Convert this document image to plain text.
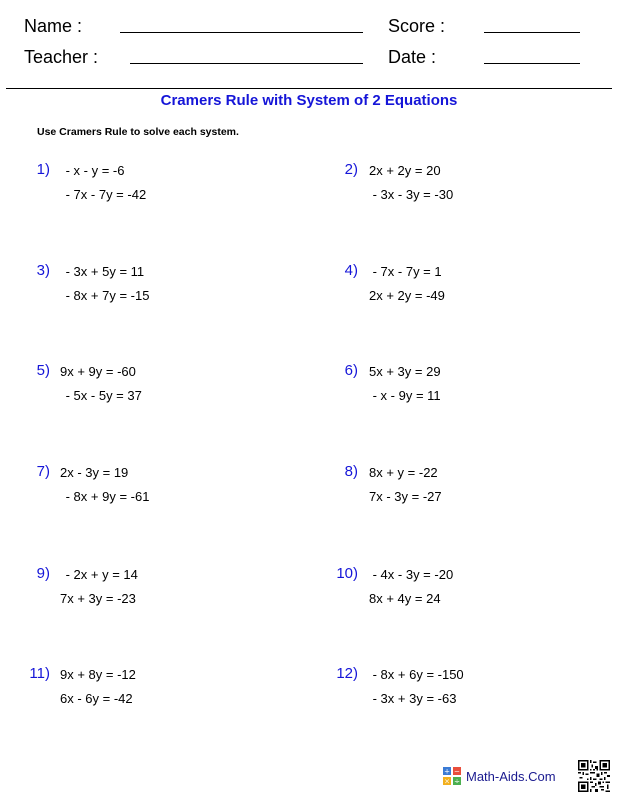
Name :	Score :
Teacher :	Date :
Cramers Rule with System of 2 Equations
Use Cramers Rule to solve each system.
1) - x - y = -6
- 7x - 7y = -42
3) - 3x + 5y = 11
- 8x + 7y = -15
5) 9x + 9y = -60
- 5x - 5y = 37
7) 2x - 3y = 19
- 8x + 9y = -61
9) - 2x + y = 14
7x + 3y = -23
11) 9x + 8y = -12
6x - 6y = -42
2) 2x + 2y = 20
- 3x - 3y = -30
4) - 7x - 7y = 1
2x + 2y = -49
6) 5x + 3y = 29
- x - 9y = 11
8) 8x + y = -22
7x - 3y = -27
10) - 4x - 3y = -20
8x + 4y = 24
12) - 8x + 6y = -150
- 3x + 3y = -63
+ −
× ÷ Math-Aids.Com
